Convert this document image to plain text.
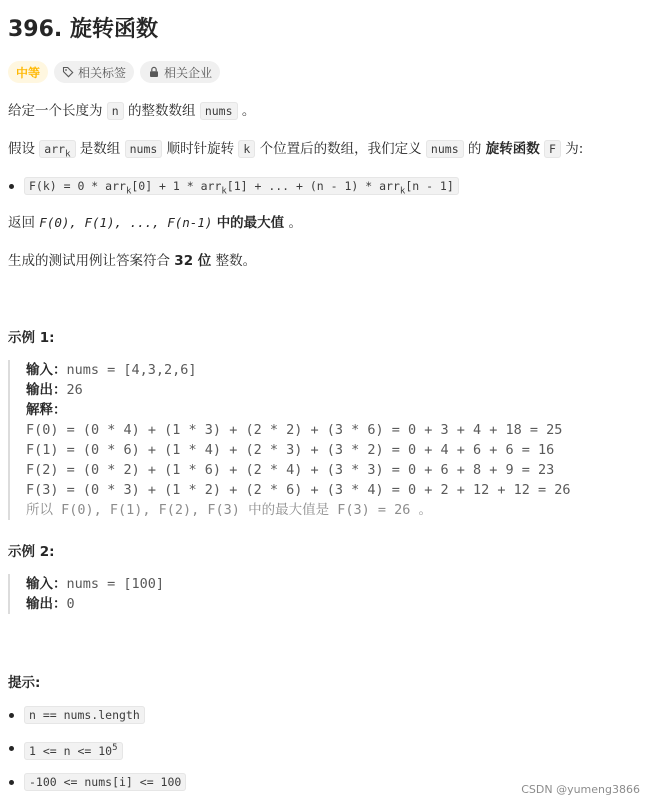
396. 旋转函数
中等	相关标签	相关企业
给定一个长度为 n 的整数数组 nums 。
假设 arr$_k$ 是数组 nums 顺时针旋转 k 个位置后的数组，我们定义 nums 的 旋转函数 F 为:
F(k) = 0 * arr$_k$[0] + 1 * arr$_k$[1] + ... + (n - 1) * arr$_k$[n - 1]
返回 F(0), F(1), ..., F(n-1) 中的最大值 。
生成的测试用例让答案符合 32 位 整数。
示例 1:
输入：nums = [4,3,2,6]
输出：26
解释：
F(0) = (0 * 4) + (1 * 3) + (2 * 2) + (3 * 6) = 0 + 3 + 4 + 18 = 25
F(1) = (0 * 6) + (1 * 4) + (2 * 3) + (3 * 2) = 0 + 4 + 6 + 6 = 16
F(2) = (0 * 2) + (1 * 6) + (2 * 4) + (3 * 3) = 0 + 6 + 8 + 9 = 23
F(3) = (0 * 3) + (1 * 2) + (2 * 6) + (3 * 4) = 0 + 2 + 12 + 12 = 26
所以 F(0), F(1), F(2), F(3) 中的最大值是 F(3) = 26 。
示例 2:
输入：nums = [100]
输出：0
提示:
n == nums.length
$1 <= n <= 10^5$
-100 <= nums[i] <= 100
CSDN @yumeng3866
